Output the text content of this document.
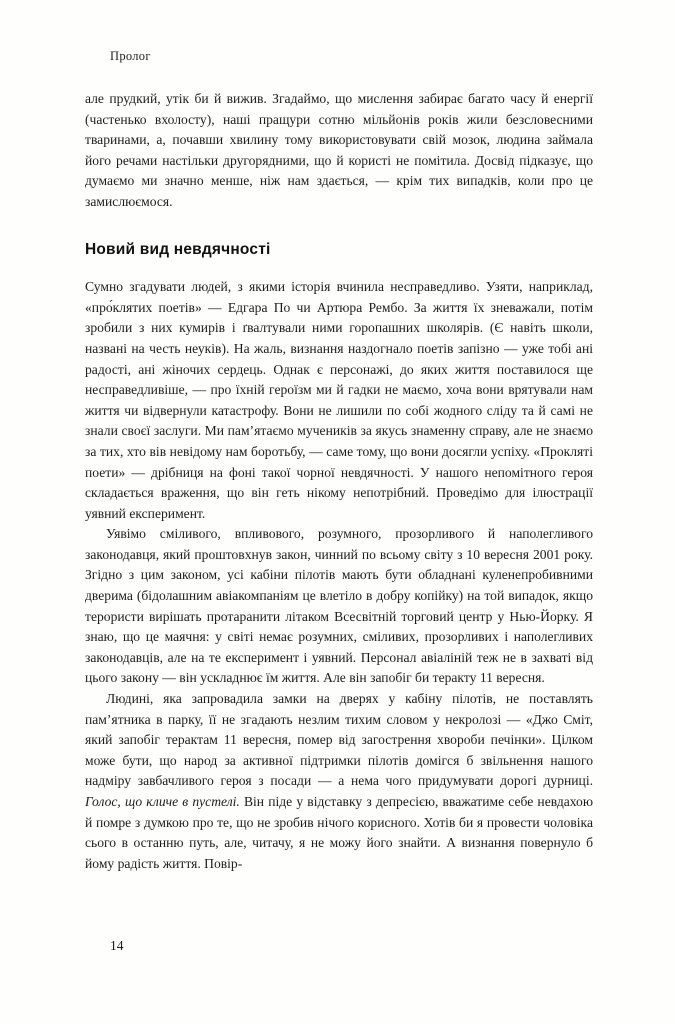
Пролог

але прудкий, утік би й вижив. Згадаймо, що мислення забирає багато часу й енергії (частенько вхолосту), наші пращури сотню мільйонів років жили безсловесними тваринами, а, почавши хвилину тому використовувати свій мозок, людина займала його речами настільки другорядними, що й користі не помітила. Досвід підказує, що думаємо ми значно менше, ніж нам здається, — крім тих випадків, коли про це замислюємося.

Новий вид невдячності

Сумно згадувати людей, з якими історія вчинила несправедливо. Узяти, наприклад, «про́клятих поетів» — Едгара По чи Артюра Рембо. За життя їх зневажали, потім зробили з них кумирів і ґвалтували ними горопашних школярів. (Є навіть школи, названі на честь неуків). На жаль, визнання наздогнало поетів запізно — уже тобі ані радості, ані жіночих сердець. Однак є персонажі, до яких життя поставилося ще несправедливіше, — про їхній героїзм ми й гадки не маємо, хоча вони врятували нам життя чи відвернули катастрофу. Вони не лишили по собі жодного сліду та й самі не знали своєї заслуги. Ми пам’ятаємо мучеників за якусь знаменну справу, але не знаємо за тих, хто вів невідому нам боротьбу, — саме тому, що вони досягли успіху. «Прокляті поети» — дрібниця на фоні такої чорної невдячності. У нашого непомітного героя складається враження, що він геть нікому непотрібний. Проведімо для ілюстрації уявний експеримент.

Уявімо сміливого, впливового, розумного, прозорливого й наполегливого законодавця, який проштовхнув закон, чинний по всьому світу з 10 вересня 2001 року. Згідно з цим законом, усі кабіни пілотів мають бути обладнані куленепробивними дверима (бідолашним авіакомпаніям це влетіло в добру копійку) на той випадок, якщо терористи вирішать протаранити літаком Всесвітній торговий центр у Нью-Йорку. Я знаю, що це маячня: у світі немає розумних, сміливих, прозорливих і наполегливих законодавців, але на те експеримент і уявний. Персонал авіаліній теж не в захваті від цього закону — він ускладнює їм життя. Але він запобіг би теракту 11 вересня.

Людині, яка запровадила замки на дверях у кабіну пілотів, не поставлять пам’ятника в парку, її не згадають незлим тихим словом у некролозі — «Джо Сміт, який запобіг терактам 11 вересня, помер від загострення хвороби печінки». Цілком може бути, що народ за активної підтримки пілотів домігся б звільнення нашого надміру завбачливого героя з посади — а нема чого придумувати дорогі дурниці. Голос, що кличе в пустелі. Він піде у відставку з депресією, вважатиме себе невдахою й помре з думкою про те, що не зробив нічого корисного. Хотів би я провести чоловіка сього в останню путь, але, читачу, я не можу його знайти. А визнання повернуло б йому радість життя. Повір-

14
